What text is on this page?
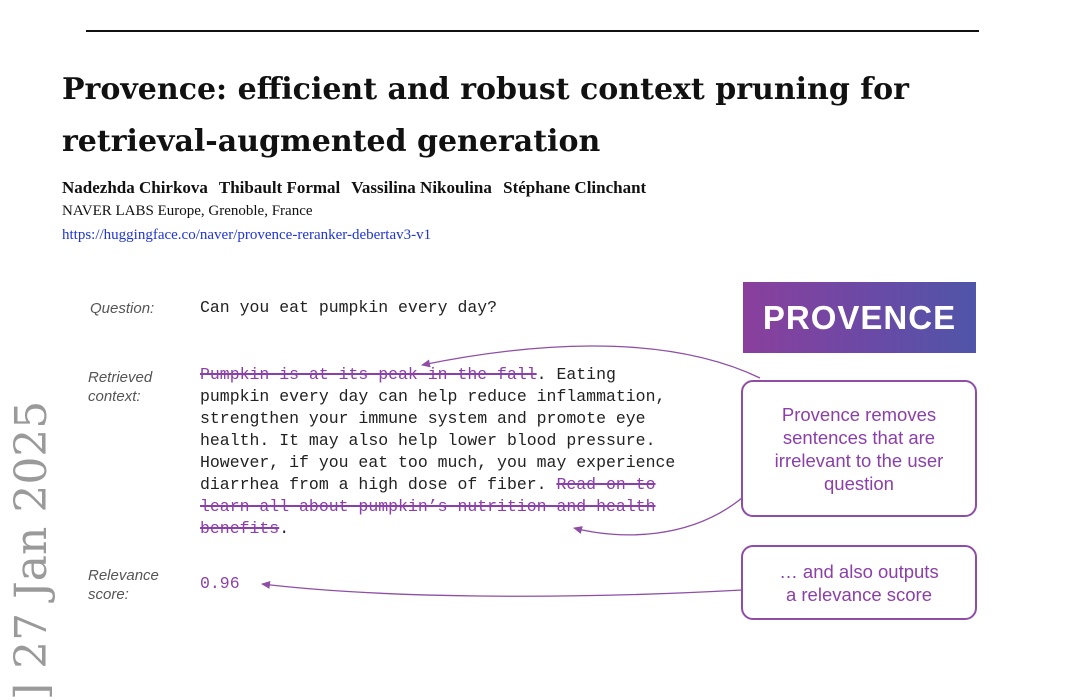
Provence: efficient and robust context pruning for
retrieval-augmented generation
Nadezhda Chirkova Thibault Formal Vassilina Nikoulina Stéphane Clinchant
NAVER LABS Europe, Grenoble, France
https://huggingface.co/naver/provence-reranker-debertav3-v1
] 27 Jan 2025
Question:	Can you eat pumpkin every day?	PROVENCE
Retrieved
context:
Pumpkin is at its peak in the fall. Eating
pumpkin every day can help reduce inflammation,
strengthen your immune system and promote eye
health. It may also help lower blood pressure.
However, if you eat too much, you may experience
diarrhea from a high dose of fiber. Read on to
learn all about pumpkin’s nutrition and health
benefits.
Relevance
score:
0.96
Provence removes
sentences that are
irrelevant to the user
question
… and also outputs
a relevance score
